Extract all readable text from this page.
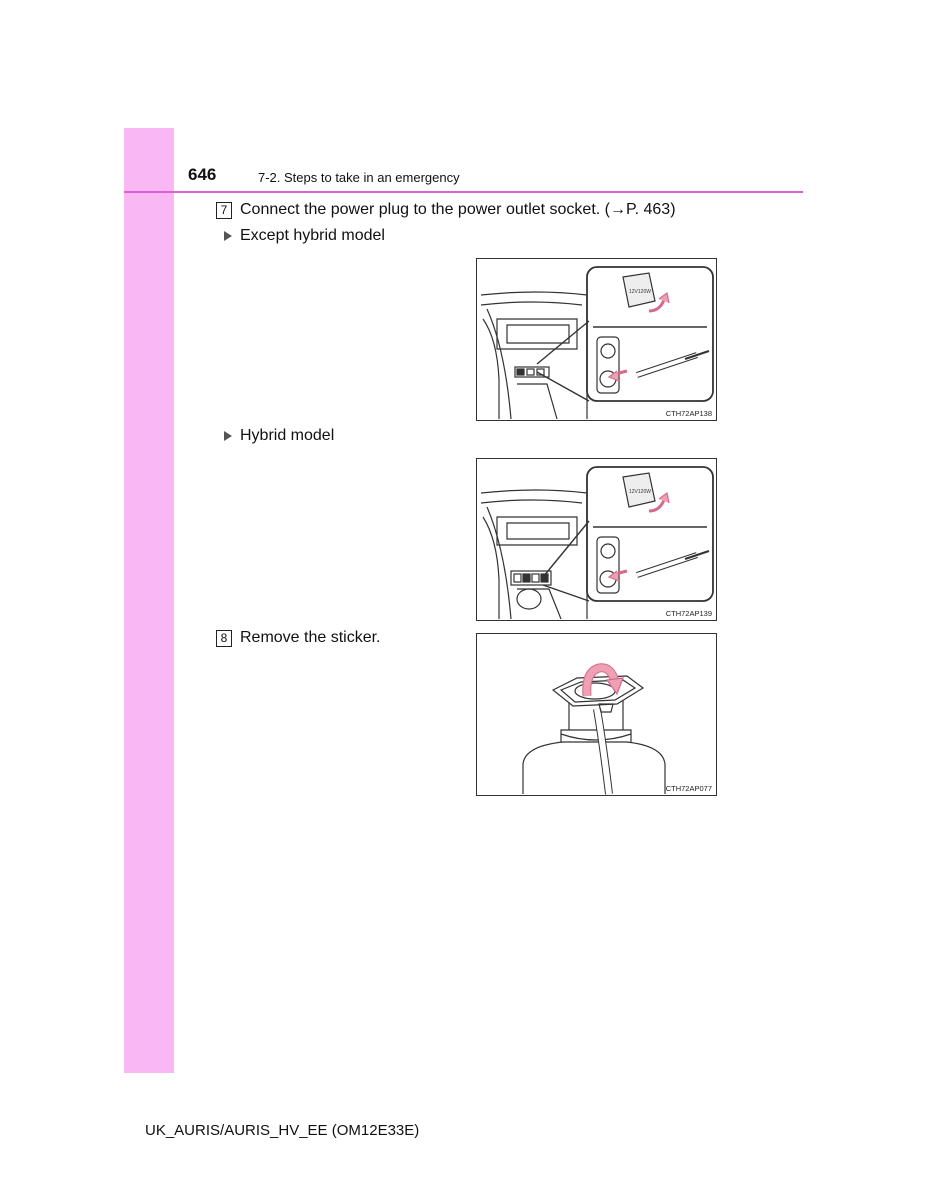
646	7-2. Steps to take in an emergency
7 Connect the power plug to the power outlet socket. (→P. 463)
Except hybrid model
12V120W
CTH72AP138
Hybrid model
12V120W
CTH72AP139
8 Remove the sticker.
CTH72AP077
UK_AURIS/AURIS_HV_EE (OM12E33E)
